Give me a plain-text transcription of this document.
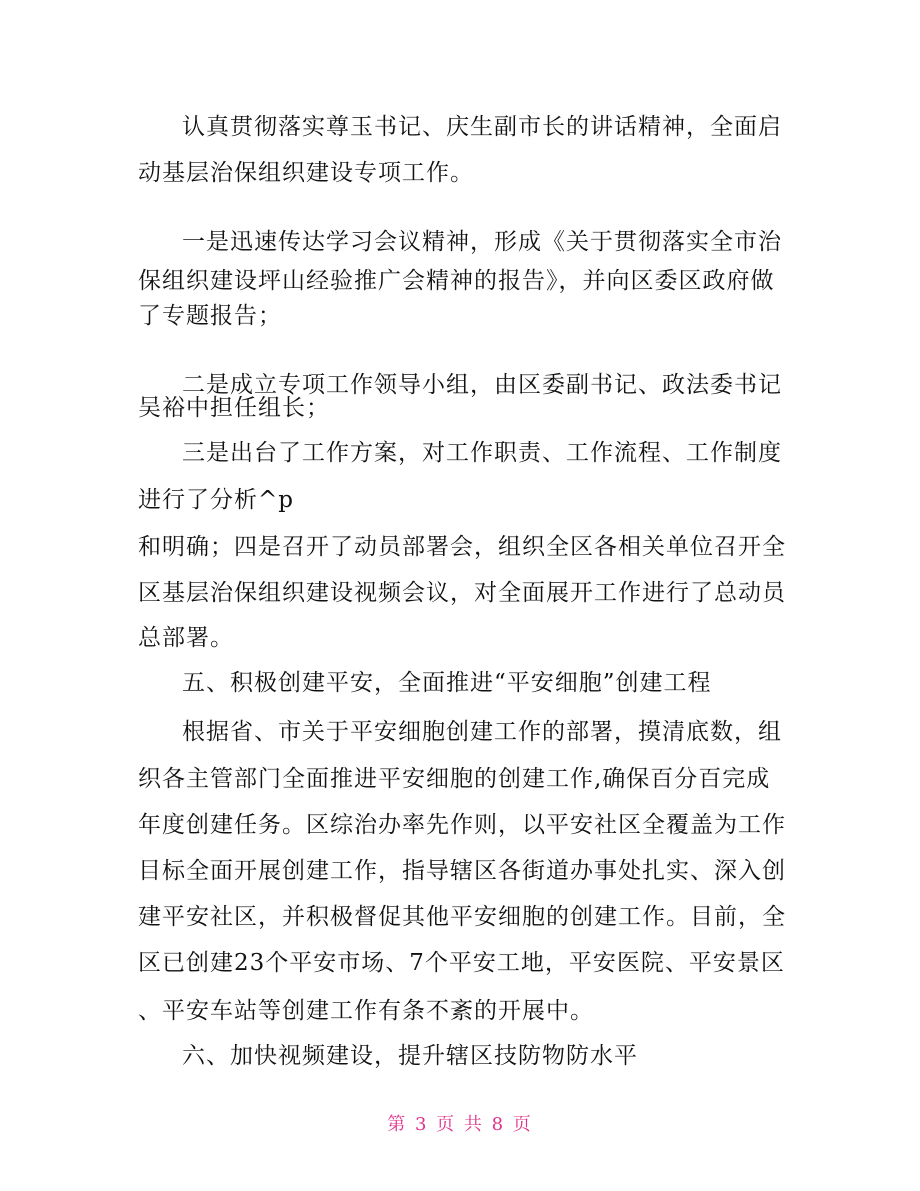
认真贯彻落实尊玉书记、庆生副市长的讲话精神，全面启
动基层治保组织建设专项工作。
一是迅速传达学习会议精神，形成《关于贯彻落实全市治
保组织建设坪山经验推广会精神的报告》，并向区委区政府做
了专题报告；
二是成立专项工作领导小组，由区委副书记、政法委书记
吴裕中担任组长；
三是出台了工作方案，对工作职责、工作流程、工作制度
进行了分析^p
和明确；四是召开了动员部署会，组织全区各相关单位召开全
区基层治保组织建设视频会议，对全面展开工作进行了总动员
总部署。
五、积极创建平安，全面推进“平安细胞”创建工程
根据省、市关于平安细胞创建工作的部署，摸清底数，组
织各主管部门全面推进平安细胞的创建工作,确保百分百完成
年度创建任务。区综治办率先作则，以平安社区全覆盖为工作
目标全面开展创建工作，指导辖区各街道办事处扎实、深入创
建平安社区，并积极督促其他平安细胞的创建工作。目前，全
区已创建23个平安市场、7个平安工地，平安医院、平安景区
、平安车站等创建工作有条不紊的开展中。
六、加快视频建设，提升辖区技防物防水平
第 3 页 共 8 页
